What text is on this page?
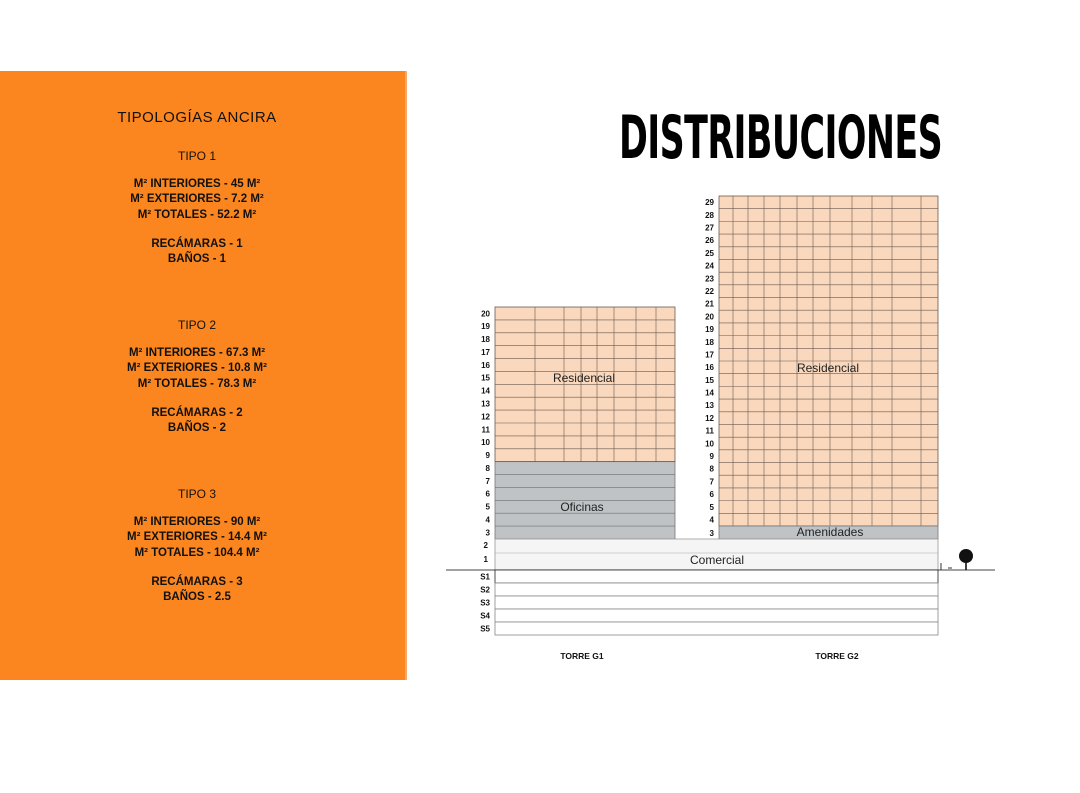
TIPOLOGÍAS ANCIRA
TIPO 1
M² INTERIORES - 45 M²
M² EXTERIORES - 7.2 M²
M² TOTALES - 52.2 M²
RECÁMARAS - 1
BAÑOS - 1
TIPO 2
M² INTERIORES - 67.3 M²
M² EXTERIORES - 10.8 M²
M² TOTALES - 78.3 M²
RECÁMARAS - 2
BAÑOS - 2
TIPO 3
M² INTERIORES - 90 M²
M² EXTERIORES - 14.4 M²
M² TOTALES - 104.4 M²
RECÁMARAS - 3
BAÑOS - 2.5
DISTRIBUCIONES
20
19
18
17
16
15
14
13
12
11
10
9
8
7
6
5
4
3
Residencial
Oficinas
29
28
27
26
25
24
23
22
21
20
19
18
17
16
15
14
13
12
11
10
9
8
7
6
5
4
3
Residencial
Amenidades
2
1	Comercial
S1
S2
S3
S4
S5
TORRE G1	TORRE G2
